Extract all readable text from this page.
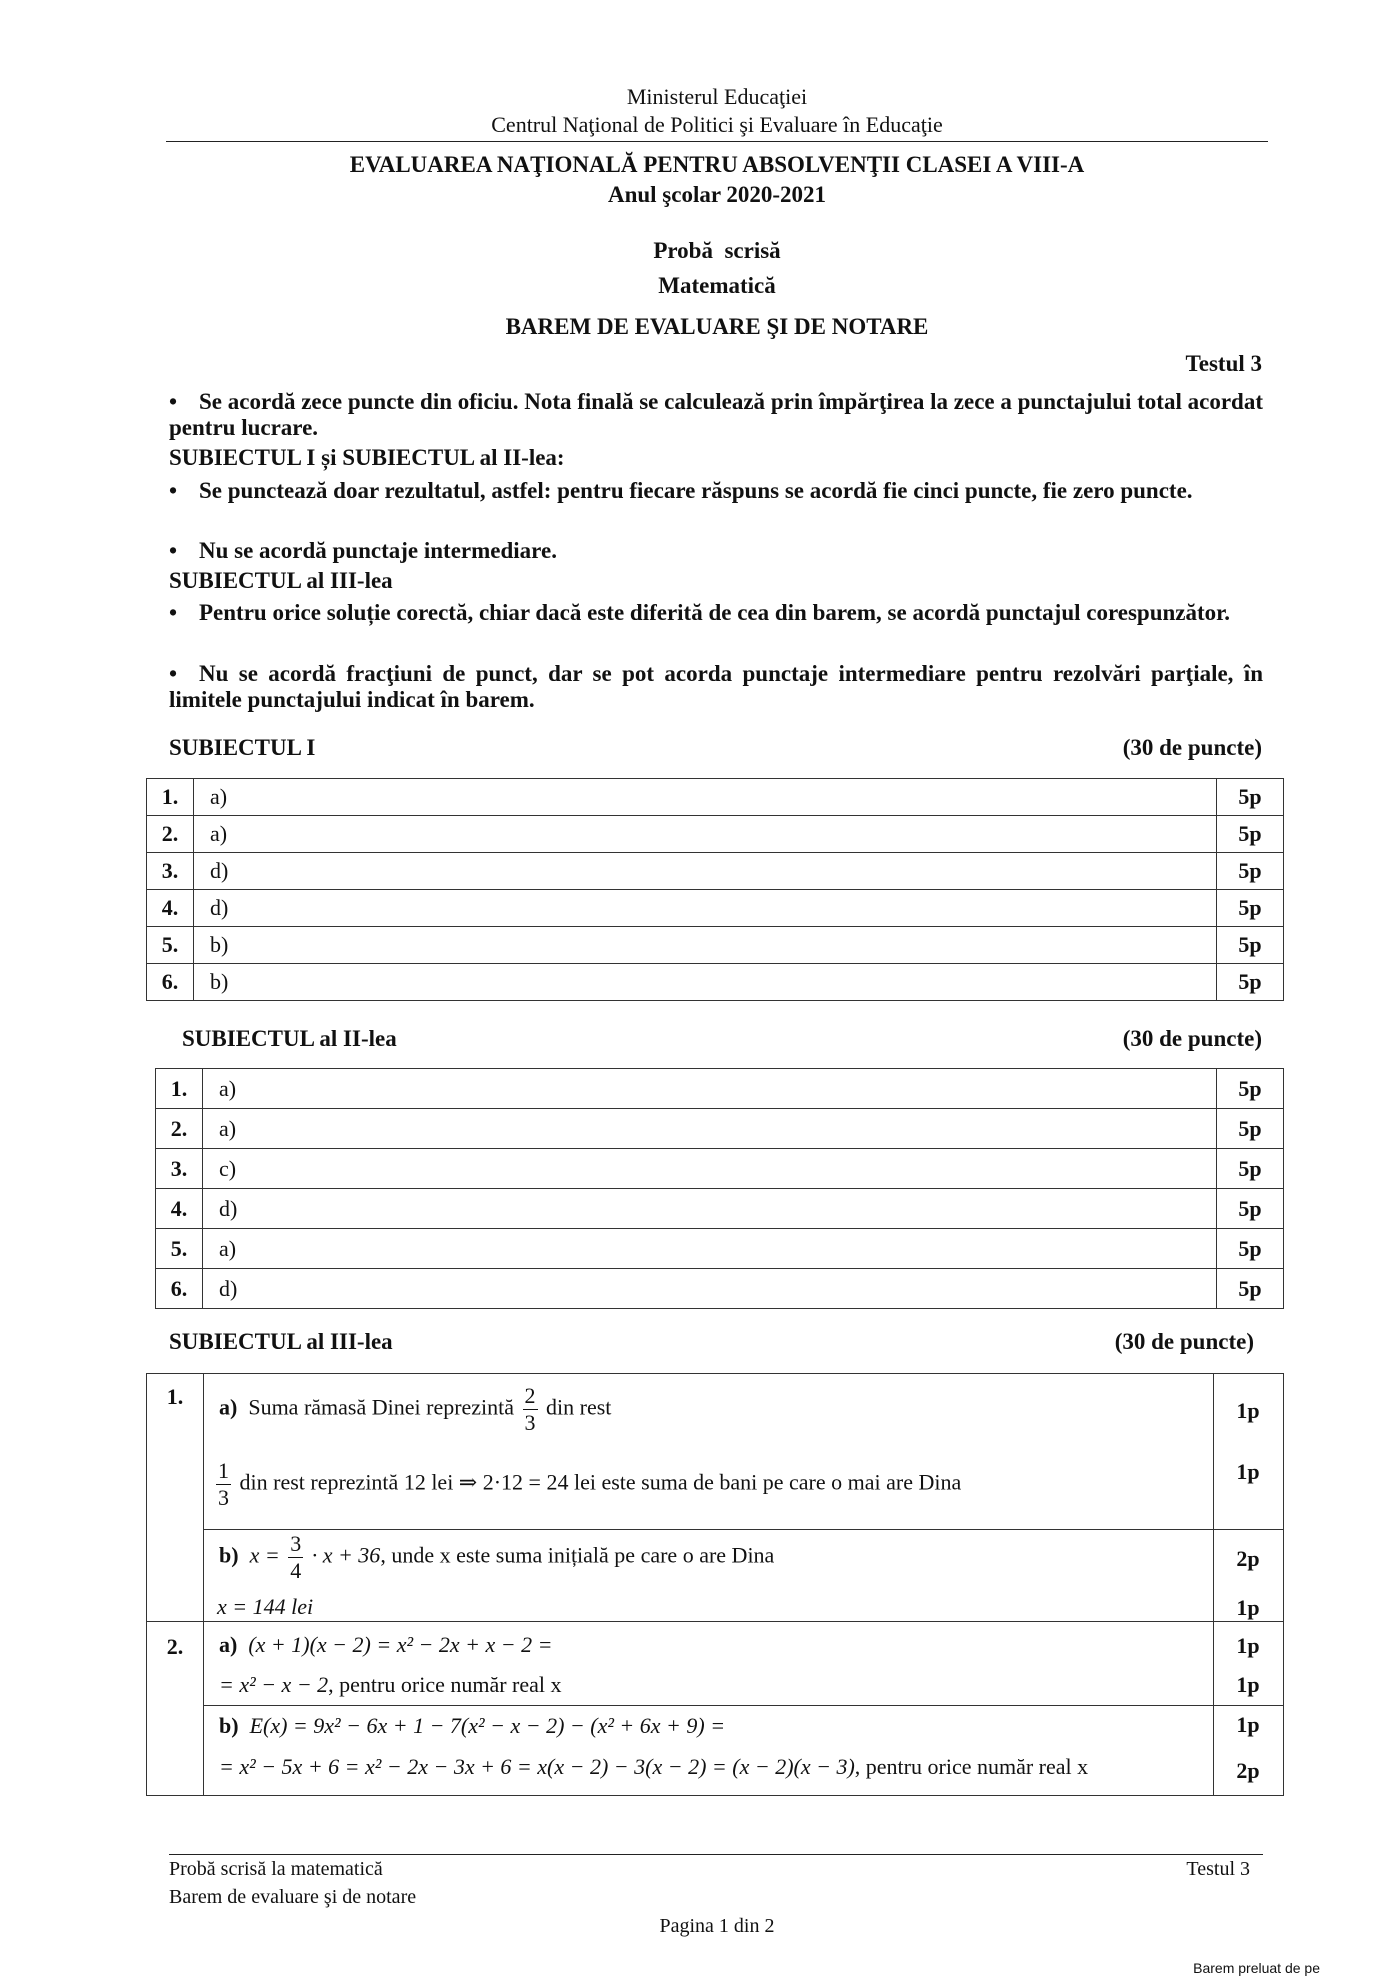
Ministerul Educaţiei
Centrul Naţional de Politici şi Evaluare în Educaţie
EVALUAREA NAŢIONALĂ PENTRU ABSOLVENŢII CLASEI A VIII-A
Anul şcolar 2020-2021
Probă  scrisă
Matematică
BAREM DE EVALUARE ŞI DE NOTARE
Testul 3
• Se acordă zece puncte din oficiu. Nota finală se calculează prin împărţirea la zece a punctajului total acordat pentru lucrare.
SUBIECTUL I și SUBIECTUL al II-lea:
• Se punctează doar rezultatul, astfel: pentru fiecare răspuns se acordă fie cinci puncte, fie zero puncte.
• Nu se acordă punctaje intermediare.
SUBIECTUL al III-lea
• Pentru orice soluție corectă, chiar dacă este diferită de cea din barem, se acordă punctajul corespunzător.
• Nu se acordă fracţiuni de punct, dar se pot acorda punctaje intermediare pentru rezolvări parţiale, în limitele punctajului indicat în barem.
SUBIECTUL I	(30 de puncte)
1.	a)	5p
2.	a)	5p
3.	d)	5p
4.	d)	5p
5.	b)	5p
6.	b)	5p
SUBIECTUL al II-lea	(30 de puncte)
1.	a)	5p
2.	a)	5p
3.	c)	5p
4.	d)	5p
5.	a)	5p
6.	d)	5p
SUBIECTUL al III-lea	(30 de puncte)
1.	a) Suma rămasă Dinei reprezintă $\frac{2}{3}$ din rest	1p
$\frac{1}{3}$ din rest reprezintă 12 lei ⇒ 2·12 = 24 lei este suma de bani pe care o mai are Dina	1p
b) $x = \frac{3}{4} \cdot x + 36$, unde x este suma inițială pe care o are Dina	2p
x = 144 lei	1p
2.	a) (x + 1)(x − 2) = x² − 2x + x − 2 =	1p
= x² − x − 2, pentru orice număr real x	1p
b) E(x) = 9x² − 6x + 1 − 7(x² − x − 2) − (x² + 6x + 9) =	1p
= x² − 5x + 6 = x² − 2x − 3x + 6 = x(x − 2) − 3(x − 2) = (x − 2)(x − 3), pentru orice număr real x	2p
Probă scrisă la matematică	Testul 3
Barem de evaluare şi de notare
Pagina 1 din 2
Barem preluat de pe
